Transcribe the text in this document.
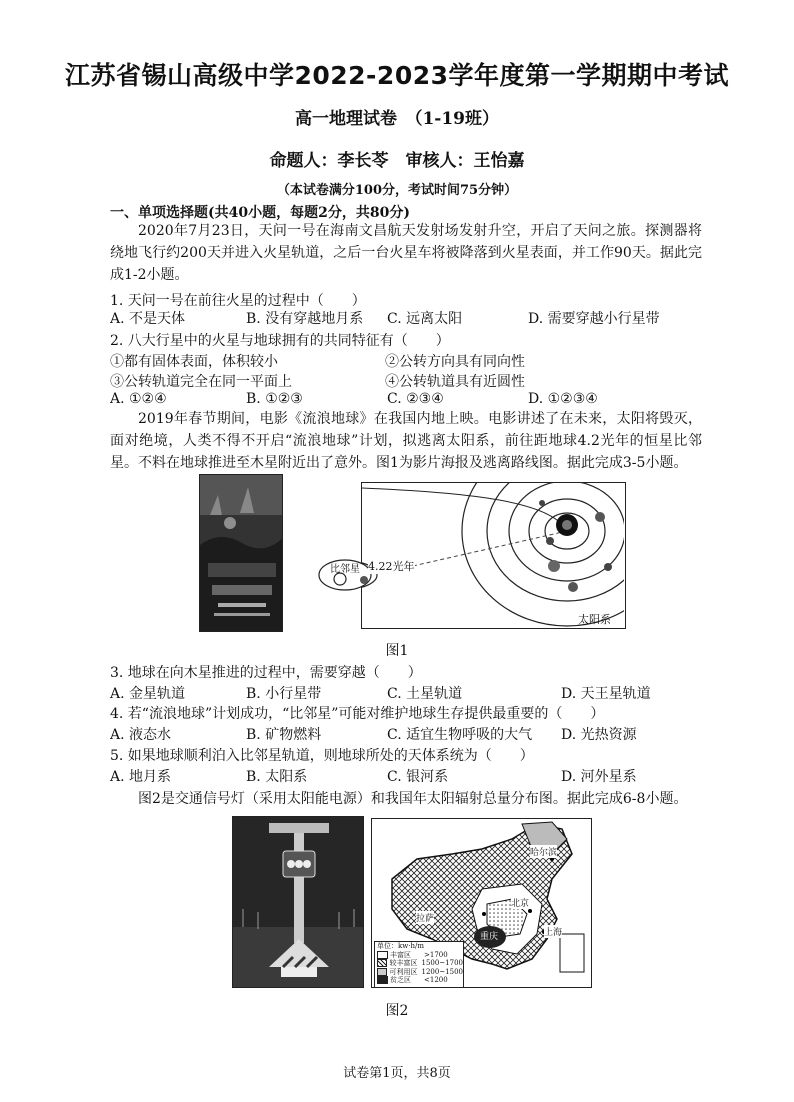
江苏省锡山高级中学2022-2023学年度第一学期期中考试
高一地理试卷　（1-19班）
命题人：李长苓　审核人：王怡嘉
（本试卷满分100分，考试时间75分钟）
一、单项选择题(共40小题，每题2分，共80分)
2020年7月23日，天问一号在海南文昌航天发射场发射升空，开启了天问之旅。探测器将绕地飞行约200天并进入火星轨道，之后一台火星车将被降落到火星表面，并工作90天。据此完成1-2小题。
1. 天问一号在前往火星的过程中（　　）
A. 不是天体	B. 没有穿越地月系 C. 远离太阳	D. 需要穿越小行星带
2. 八大行星中的火星与地球拥有的共同特征有（　　）
①都有固体表面，体积较小	②公转方向具有同向性
③公转轨道完全在同一平面上	④公转轨道具有近圆性
A. ①②④	B. ①②③	C. ②③④	D. ①②③④
2019年春节期间，电影《流浪地球》在我国内地上映。电影讲述了在未来，太阳将毁灭，面对绝境，人类不得不开启“流浪地球”计划，拟逃离太阳系，前往距地球4.2光年的恒星比邻星。不料在地球推进至木星附近出了意外。图1为影片海报及逃离路线图。据此完成3-5小题。
太阳系
比邻星 4.22光年
图1
3. 地球在向木星推进的过程中，需要穿越（　　）
A. 金星轨道	B. 小行星带	C. 土星轨道	D. 天王星轨道
4. 若“流浪地球”计划成功，“比邻星”可能对维护地球生存提供最重要的（　　）
A. 液态水	B. 矿物燃料	C. 适宜生物呼吸的大气 D. 光热资源
5. 如果地球顺利泊入比邻星轨道，则地球所处的天体系统为（　　）
A. 地月系	B. 太阳系	C. 银河系	D. 河外星系
图2是交通信号灯（采用太阳能电源）和我国年太阳辐射总量分布图。据此完成6-8小题。
哈尔滨
北京
上海
重庆
拉萨
单位：kw·h/m
丰富区	>1700
较丰富区 1500~1700
可利用区 1200~1500
贫乏区	<1200
图2
试卷第1页，共8页
